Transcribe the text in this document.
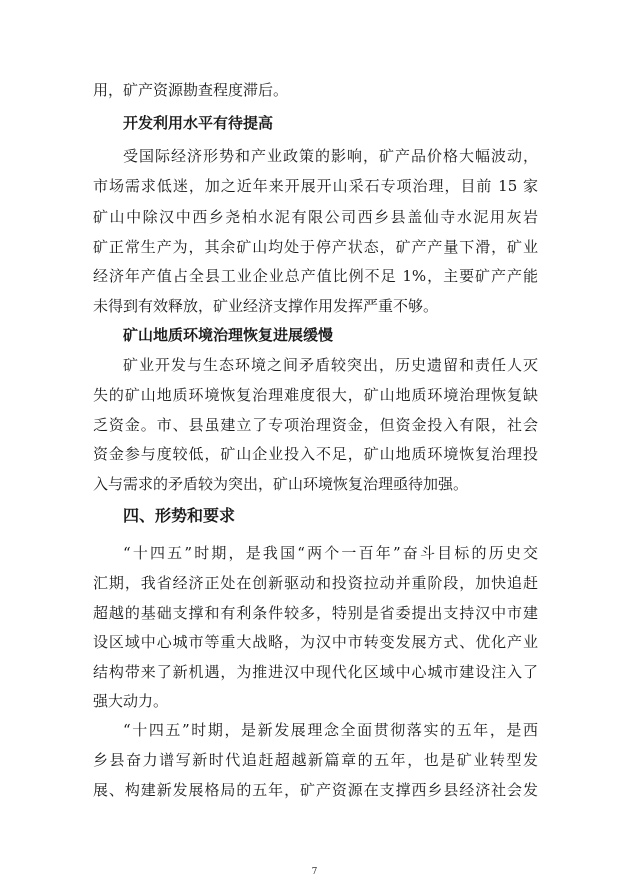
用，矿产资源勘查程度滞后。
开发利用水平有待提高
受国际经济形势和产业政策的影响，矿产品价格大幅波动，
市场需求低迷，加之近年来开展开山采石专项治理，目前 15 家
矿山中除汉中西乡尧柏水泥有限公司西乡县盖仙寺水泥用灰岩
矿正常生产为，其余矿山均处于停产状态，矿产产量下滑，矿业
经济年产值占全县工业企业总产值比例不足 1%，主要矿产产能
未得到有效释放，矿业经济支撑作用发挥严重不够。
矿山地质环境治理恢复进展缓慢
矿业开发与生态环境之间矛盾较突出，历史遗留和责任人灭
失的矿山地质环境恢复治理难度很大，矿山地质环境治理恢复缺
乏资金。市、县虽建立了专项治理资金，但资金投入有限，社会
资金参与度较低，矿山企业投入不足，矿山地质环境恢复治理投
入与需求的矛盾较为突出，矿山环境恢复治理亟待加强。
四、形势和要求
“十四五”时期，是我国“两个一百年”奋斗目标的历史交
汇期，我省经济正处在创新驱动和投资拉动并重阶段，加快追赶
超越的基础支撑和有利条件较多，特别是省委提出支持汉中市建
设区域中心城市等重大战略，为汉中市转变发展方式、优化产业
结构带来了新机遇，为推进汉中现代化区域中心城市建设注入了
强大动力。
“十四五”时期，是新发展理念全面贯彻落实的五年，是西
乡县奋力谱写新时代追赶超越新篇章的五年，也是矿业转型发
展、构建新发展格局的五年，矿产资源在支撑西乡县经济社会发
7
